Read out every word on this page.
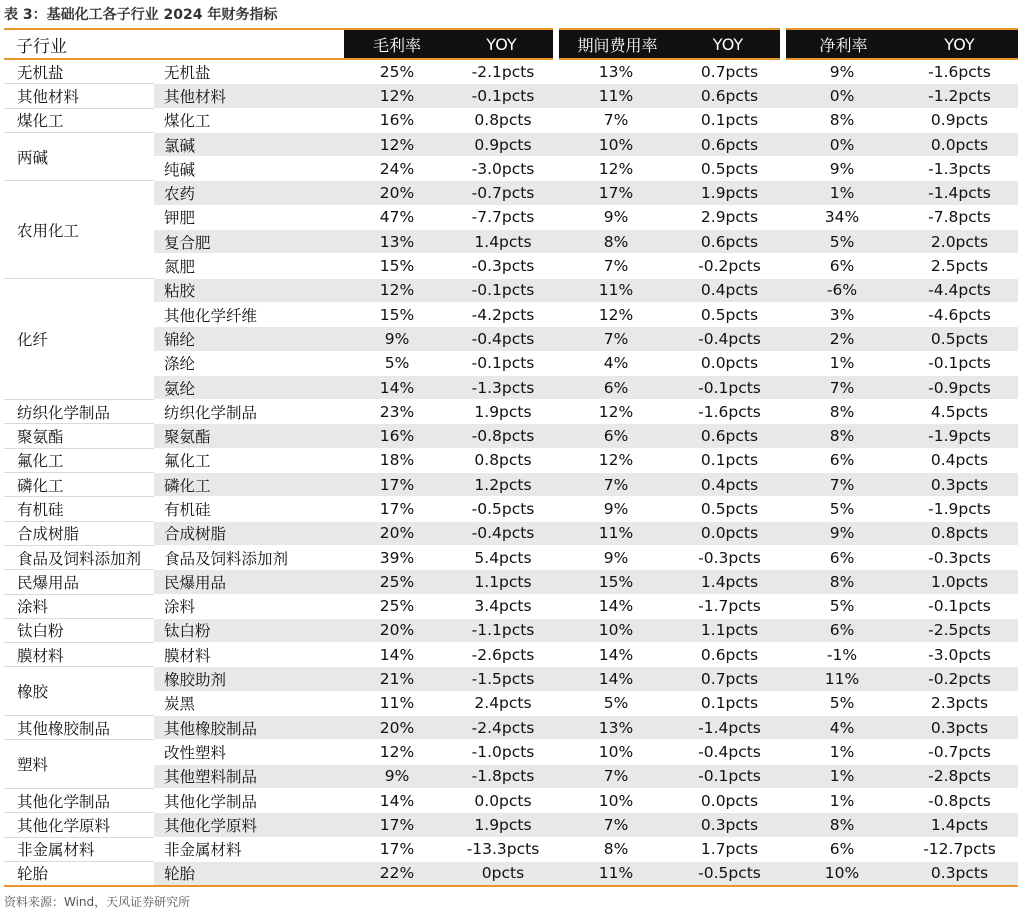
表 3：基础化工各子行业 2024 年财务指标
子行业		毛利率	YOY	期间费用率	YOY	净利率	YOY
无机盐	无机盐	25%	-2.1pcts	13%	0.7pcts	9%	-1.6pcts
其他材料	其他材料	12%	-0.1pcts	11%	0.6pcts	0%	-1.2pcts
煤化工	煤化工	16%	0.8pcts	7%	0.1pcts	8%	0.9pcts
两碱	氯碱	12%	0.9pcts	10%	0.6pcts	0%	0.0pcts
	纯碱	24%	-3.0pcts	12%	0.5pcts	9%	-1.3pcts
农用化工	农药	20%	-0.7pcts	17%	1.9pcts	1%	-1.4pcts
	钾肥	47%	-7.7pcts	9%	2.9pcts	34%	-7.8pcts
	复合肥	13%	1.4pcts	8%	0.6pcts	5%	2.0pcts
	氮肥	15%	-0.3pcts	7%	-0.2pcts	6%	2.5pcts
化纤	粘胶	12%	-0.1pcts	11%	0.4pcts	-6%	-4.4pcts
	其他化学纤维	15%	-4.2pcts	12%	0.5pcts	3%	-4.6pcts
	锦纶	9%	-0.4pcts	7%	-0.4pcts	2%	0.5pcts
	涤纶	5%	-0.1pcts	4%	0.0pcts	1%	-0.1pcts
	氨纶	14%	-1.3pcts	6%	-0.1pcts	7%	-0.9pcts
纺织化学制品	纺织化学制品	23%	1.9pcts	12%	-1.6pcts	8%	4.5pcts
聚氨酯	聚氨酯	16%	-0.8pcts	6%	0.6pcts	8%	-1.9pcts
氟化工	氟化工	18%	0.8pcts	12%	0.1pcts	6%	0.4pcts
磷化工	磷化工	17%	1.2pcts	7%	0.4pcts	7%	0.3pcts
有机硅	有机硅	17%	-0.5pcts	9%	0.5pcts	5%	-1.9pcts
合成树脂	合成树脂	20%	-0.4pcts	11%	0.0pcts	9%	0.8pcts
食品及饲料添加剂	食品及饲料添加剂	39%	5.4pcts	9%	-0.3pcts	6%	-0.3pcts
民爆用品	民爆用品	25%	1.1pcts	15%	1.4pcts	8%	1.0pcts
涂料	涂料	25%	3.4pcts	14%	-1.7pcts	5%	-0.1pcts
钛白粉	钛白粉	20%	-1.1pcts	10%	1.1pcts	6%	-2.5pcts
膜材料	膜材料	14%	-2.6pcts	14%	0.6pcts	-1%	-3.0pcts
橡胶	橡胶助剂	21%	-1.5pcts	14%	0.7pcts	11%	-0.2pcts
	炭黑	11%	2.4pcts	5%	0.1pcts	5%	2.3pcts
其他橡胶制品	其他橡胶制品	20%	-2.4pcts	13%	-1.4pcts	4%	0.3pcts
塑料	改性塑料	12%	-1.0pcts	10%	-0.4pcts	1%	-0.7pcts
	其他塑料制品	9%	-1.8pcts	7%	-0.1pcts	1%	-2.8pcts
其他化学制品	其他化学制品	14%	0.0pcts	10%	0.0pcts	1%	-0.8pcts
其他化学原料	其他化学原料	17%	1.9pcts	7%	0.3pcts	8%	1.4pcts
非金属材料	非金属材料	17%	-13.3pcts	8%	1.7pcts	6%	-12.7pcts
轮胎	轮胎	22%	0pcts	11%	-0.5pcts	10%	0.3pcts
资料来源：Wind，天风证券研究所
